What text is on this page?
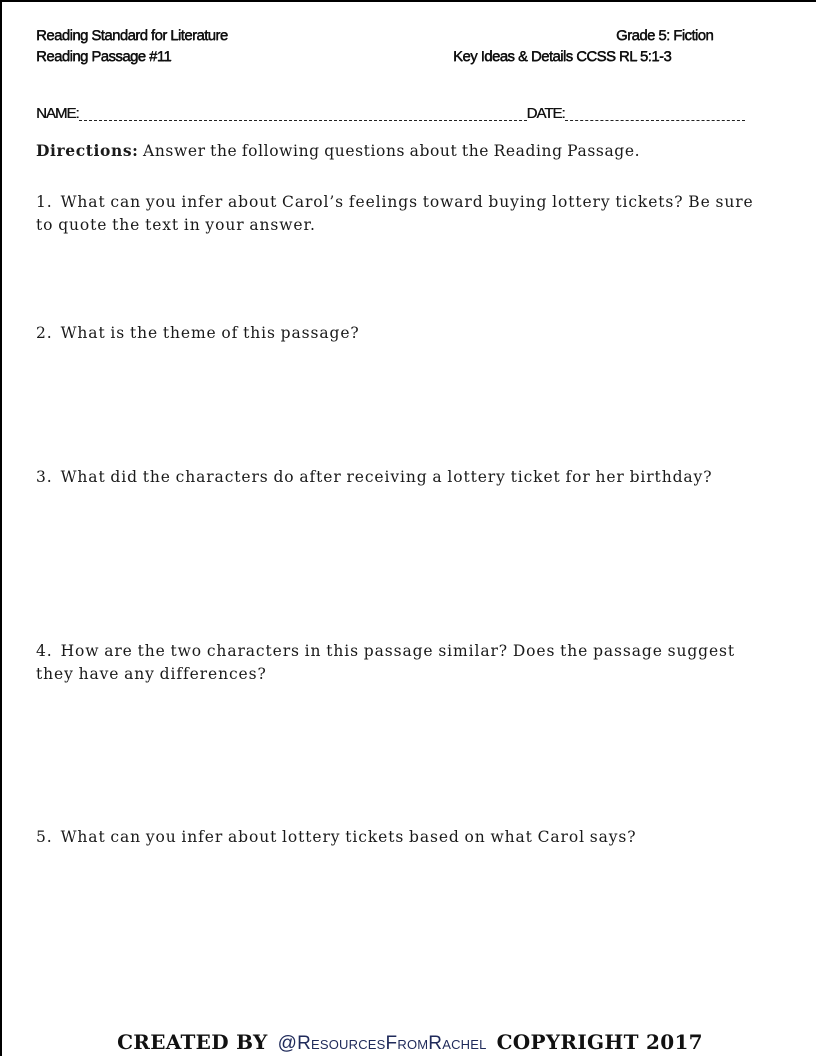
Reading Standard for Literature
Reading Passage #11
Grade 5: Fiction
Key Ideas & Details CCSS RL 5:1-3
NAME:	DATE:
Directions: Answer the following questions about the Reading Passage.
1. What can you infer about Carol’s feelings toward buying lottery tickets? Be sure to quote the text in your answer.
2. What is the theme of this passage?
3. What did the characters do after receiving a lottery ticket for her birthday?
4. How are the two characters in this passage similar? Does the passage suggest they have any differences?
5. What can you infer about lottery tickets based on what Carol says?
CREATED BY @ResourcesFromRachel COPYRIGHT 2017
